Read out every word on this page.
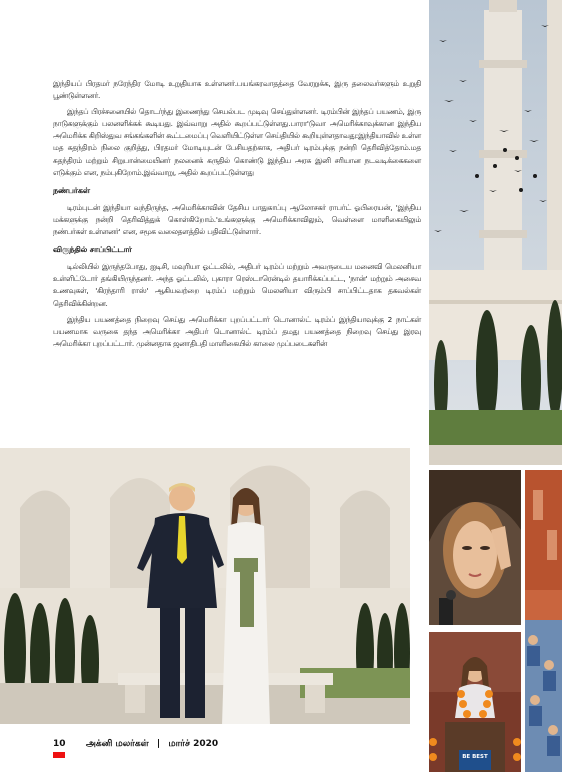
இந்தியப் பிரதமர் நரேந்திர மோடி உறுதியாக உள்ளனர்.பயங்கரவாதத்தை வேரறுக்க, இரு தலைவர்களும் உறுதி பூண்டுள்ளனர்.

இந்தப் பிரச்சனையில் தொடர்ந்து இணைந்து செயல்பட முடிவு செய்துள்ளனர். டிரம்பின் இந்தப் பயணம், இரு நாடுகளுக்கும் பலனளிக்கக் கூடியது. இவ்வாறு அதில் கூறப்பட்டுள்ளது.பாரா'டுவா அமெரிக்காவுக்கான இந்திய அமெரிக்க கிறிஸ்துவ சங்கங்களின் கூட்டமைப்பு வெளியிட்டுள்ள செய்தியில் கூறியுள்ளதாவது:இந்தியாவில் உள்ள மத சுதந்திரம் நிலை குறித்து, பிரதமர் மோடியுடன் பேசியதற்காக, அதிபர் டிரம்புக்கு நன்றி தெரிவித்தோம்.மத சுதந்திரம் மற்றும் சிறுபான்மையினர் நலனைக் கருதில் கொண்டு இந்திய அரசு இனி சரியான நடவடிக்கைகளை எடுக்கும் என, நம்புகிறோம்.இவ்வாறு, அதில் கூறப்பட்டுள்ளது

நண்பர்கள்

டிரம்புடன் இந்தியா வந்திருந்த, அமெரிக்காவின் தேசிய பாதுகாப்பு ஆலோசகர் ராபர்ட் ஓபிரையன், 'இந்திய மக்களுக்கு நன்றி தெரிவித்துக் கொள்கிறோம்.'உங்களுக்கு அமெரிக்காவிலும், வெள்ளை மாளிகையிலும் நண்பர்கள் உள்ளனர்' என, சமூக வலைதளத்தில் பதிவிட்டுள்ளார்.

விருந்தில் சாப்பிட்டார்

டில்லியில் இருந்தபோது, ஐடிசி, மவுரியா ஓட்டலில், அதிபர் டிரம்ப் மற்றும் அவருடைய மனைவி மெலனியா உள்ளிட்டோர் தங்கியிருந்தனர். அந்த ஓட்டலில், புகாரா ரெஸ்டாரென்டில் தயாரிக்கப்பட்ட, 'நான்' மற்றும் அசைவ உணவுகள், 'கிரந்தாரி ராஸ்' ஆகியவற்றை டிரம்ப் மற்றும் மெலனியா விரும்பி சாப்பிட்டதாக தகவல்கள் தெரிவிக்கின்றன.

இந்திய பயணத்தை நிறைவு செய்து அமெரிக்கா புறப்பட்டார் டொனால்ட் டிரம்ப் இந்தியாவுக்கு 2 நாட்கள் பயணமாக வருகை தந்த அமெரிக்கா அதிபர் டொனால்ட் டிரம்ப் தமது பயணத்தை நிறைவு செய்து இரவு அமெரிக்கா புறப்பட்டார். முன்னதாக ஜனாதிபதி மாளிகையில் காலை முப்படைகளின்

BE BEST
10 அக்னி மலர்கள் | மார்ச் 2020
